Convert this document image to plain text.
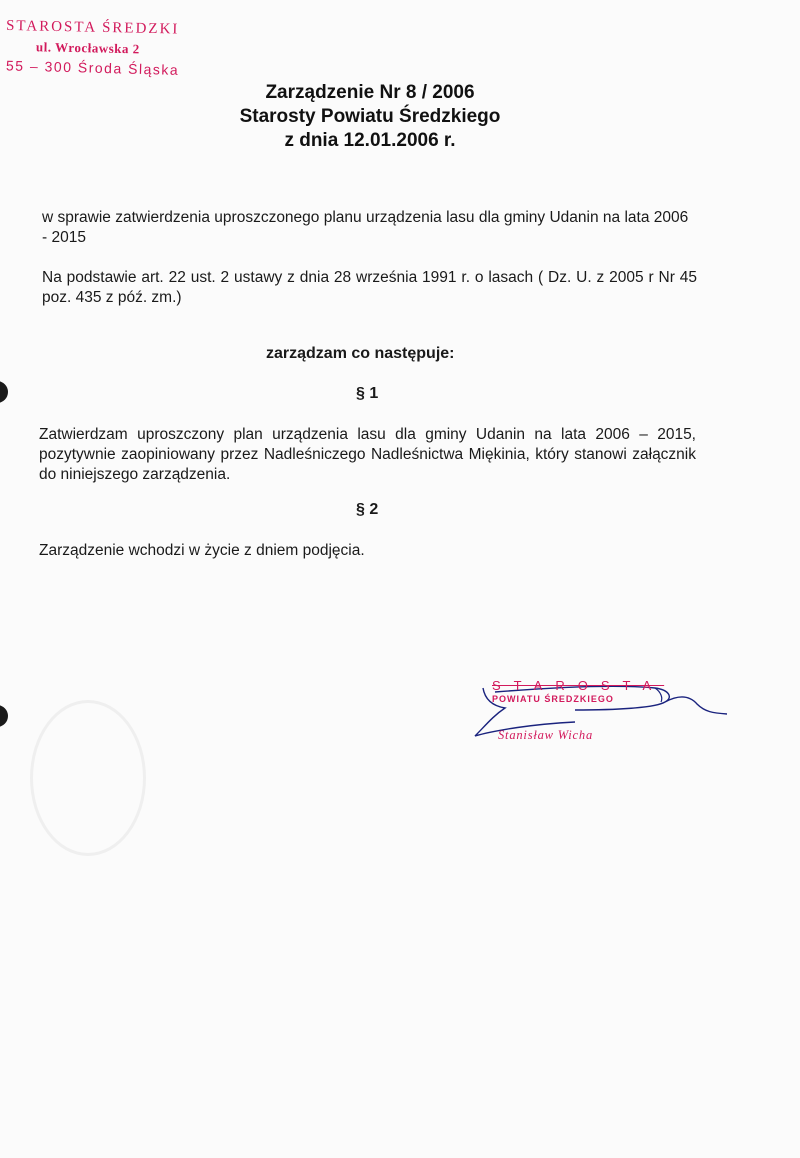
STAROSTA ŚREDZKI
ul. Wrocławska 2
55 – 300 Środa Śląska
Zarządzenie Nr 8 / 2006
Starosty Powiatu Średzkiego
z dnia 12.01.2006 r.
w sprawie zatwierdzenia uproszczonego planu urządzenia lasu dla gminy Udanin na lata 2006 - 2015
Na podstawie art. 22 ust. 2 ustawy z dnia 28 września 1991 r. o lasach ( Dz. U. z 2005 r Nr 45 poz. 435 z póź. zm.)
zarządzam co następuje:
§ 1
Zatwierdzam uproszczony plan urządzenia lasu dla gminy Udanin na lata 2006 – 2015, pozytywnie zaopiniowany przez Nadleśniczego Nadleśnictwa Miękinia, który stanowi załącznik do niniejszego zarządzenia.
§ 2
Zarządzenie wchodzi w życie z dniem podjęcia.
STAROSTA
POWIATU ŚREDZKIEGO
Stanisław Wicha
